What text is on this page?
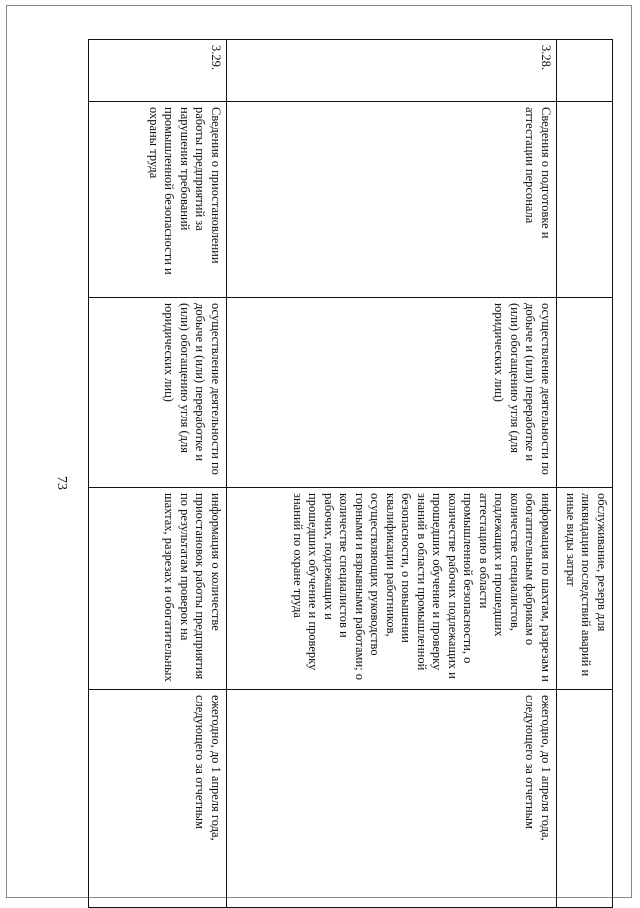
73
			обслуживание, резерв для ликвидации последствий аварий и иные виды затрат	
3.28.	Сведения о подготовке и аттестации персонала	осуществление деятельности по добыче и (или) переработке и (или) обогащению угля (для юридических лиц)	информация по шахтам, разрезам и обогатительным фабрикам о количестве специалистов, подлежащих и прошедших аттестацию в области промышленной безопасности, о количестве рабочих подлежащих и прошедших обучение и проверку знаний в области промышленной безопасности, о повышении квалификации работников, осуществляющих руководство горными и взрывными работами; о количестве специалистов и рабочих, подлежащих и прошедших обучение и проверку знаний по охране труда	ежегодно, до 1 апреля года, следующего за отчетным

3.29.	Сведения о приостановлении работы предприятий за нарушения требований промышленной безопасности и охраны труда	осуществление деятельности по добыче и (или) переработке и (или) обогащению угля (для юридических лиц)	информация о количестве приостановок работы предприятия по результатам проверок на шахтах, разрезах и обогатительных	ежегодно, до 1 апреля года, следующего за отчетным
